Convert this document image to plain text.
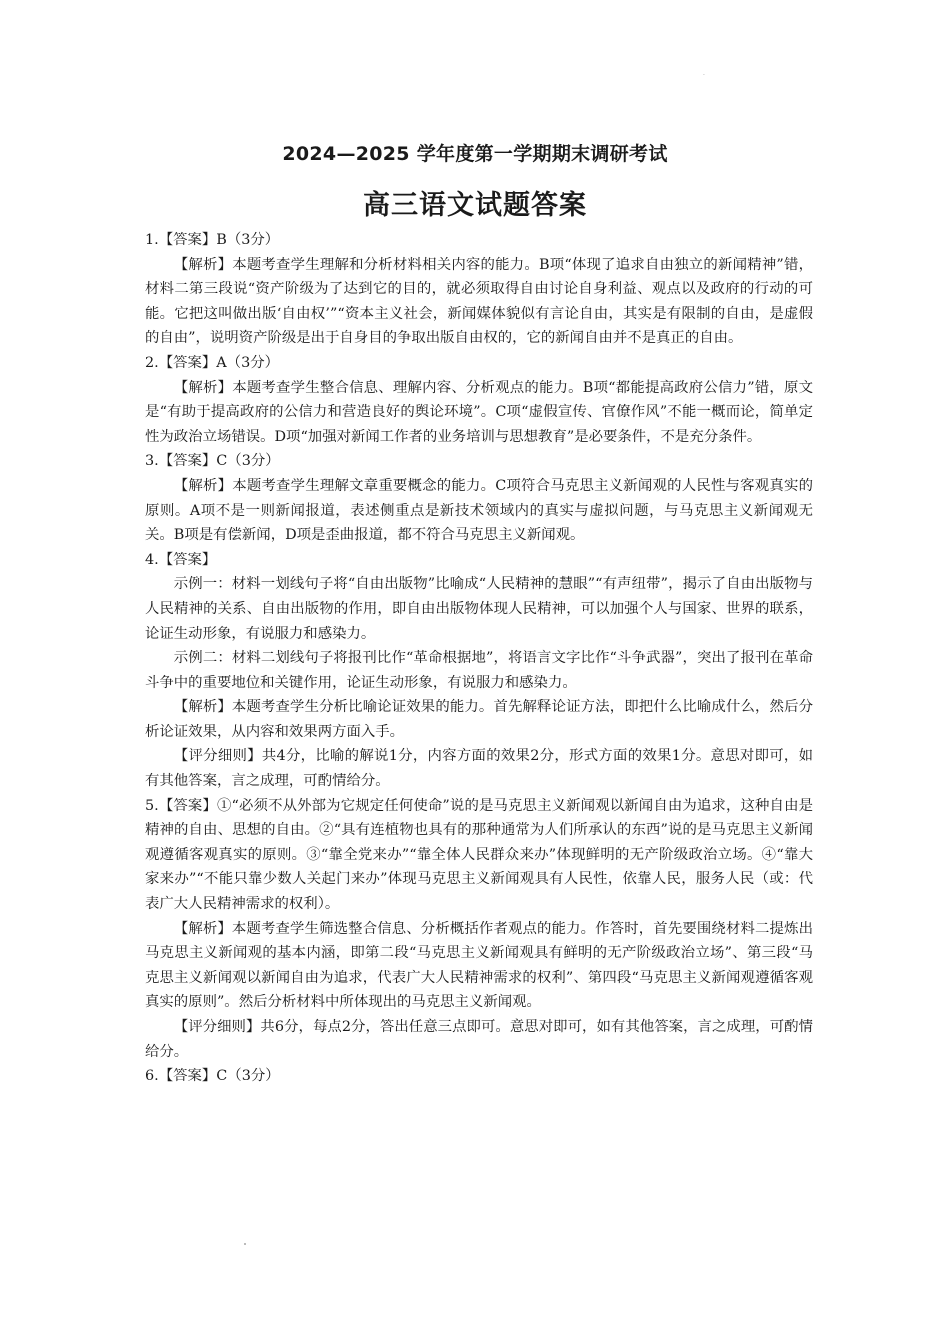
·
2024—2025 学年度第一学期期末调研考试
高三语文试题答案

1.【答案】B（3分）

【解析】本题考查学生理解和分析材料相关内容的能力。B项“体现了追求自由独立的新闻精神”错，材料二第三段说“资产阶级为了达到它的目的，就必须取得自由讨论自身利益、观点以及政府的行动的可能。它把这叫做出版‘自由权’”“资本主义社会，新闻媒体貌似有言论自由，其实是有限制的自由，是虚假的自由”，说明资产阶级是出于自身目的争取出版自由权的，它的新闻自由并不是真正的自由。

2.【答案】A（3分）

【解析】本题考查学生整合信息、理解内容、分析观点的能力。B项“都能提高政府公信力”错，原文是“有助于提高政府的公信力和营造良好的舆论环境”。C项“虚假宣传、官僚作风”不能一概而论，简单定性为政治立场错误。D项“加强对新闻工作者的业务培训与思想教育”是必要条件，不是充分条件。

3.【答案】C（3分）

【解析】本题考查学生理解文章重要概念的能力。C项符合马克思主义新闻观的人民性与客观真实的原则。A项不是一则新闻报道，表述侧重点是新技术领域内的真实与虚拟问题，与马克思主义新闻观无关。B项是有偿新闻，D项是歪曲报道，都不符合马克思主义新闻观。

4.【答案】

示例一：材料一划线句子将“自由出版物”比喻成“人民精神的慧眼”“有声纽带”，揭示了自由出版物与人民精神的关系、自由出版物的作用，即自由出版物体现人民精神，可以加强个人与国家、世界的联系，论证生动形象，有说服力和感染力。

示例二：材料二划线句子将报刊比作“革命根据地”，将语言文字比作“斗争武器”，突出了报刊在革命斗争中的重要地位和关键作用，论证生动形象，有说服力和感染力。

【解析】本题考查学生分析比喻论证效果的能力。首先解释论证方法，即把什么比喻成什么，然后分析论证效果，从内容和效果两方面入手。

【评分细则】共4分，比喻的解说1分，内容方面的效果2分，形式方面的效果1分。意思对即可，如有其他答案，言之成理，可酌情给分。

5.【答案】①“必须不从外部为它规定任何使命”说的是马克思主义新闻观以新闻自由为追求，这种自由是精神的自由、思想的自由。②“具有连植物也具有的那种通常为人们所承认的东西”说的是马克思主义新闻观遵循客观真实的原则。③“靠全党来办”“靠全体人民群众来办”体现鲜明的无产阶级政治立场。④“靠大家来办”“不能只靠少数人关起门来办”体现马克思主义新闻观具有人民性，依靠人民，服务人民（或：代表广大人民精神需求的权利）。

【解析】本题考查学生筛选整合信息、分析概括作者观点的能力。作答时，首先要围绕材料二提炼出马克思主义新闻观的基本内涵，即第二段“马克思主义新闻观具有鲜明的无产阶级政治立场”、第三段“马克思主义新闻观以新闻自由为追求，代表广大人民精神需求的权利”、第四段“马克思主义新闻观遵循客观真实的原则”。然后分析材料中所体现出的马克思主义新闻观。

【评分细则】共6分，每点2分，答出任意三点即可。意思对即可，如有其他答案，言之成理，可酌情给分。

6.【答案】C（3分）
